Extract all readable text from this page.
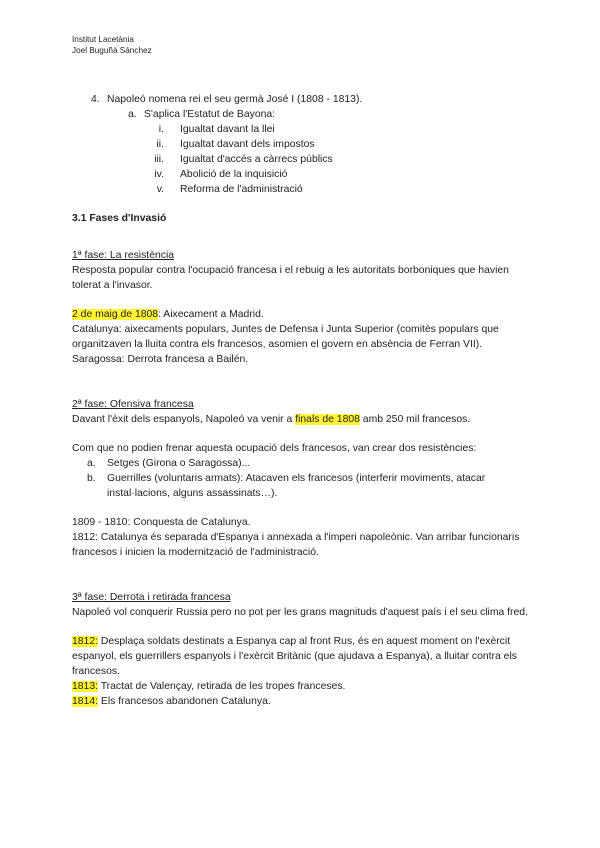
Institut Lacetània
Joel Buguñà Sánchez
4. Napoleó nomena rei el seu germà José I (1808 - 1813).
a. S'aplica l'Estatut de Bayona:
i.	Igualtat davant la llei
ii.	Igualtat davant dels impostos
iii.	Igualtat d'accés a càrrecs públics
iv.	Abolició de la inquisició
v.	Reforma de l'administració
3.1 Fases d'Invasió

1ª fase: La resistència

Resposta popular contra l'ocupació francesa i el rebuig a les autoritats borboniques que havien tolerat a l'invasor.

2 de maig de 1808: Aixecament a Madrid.

Catalunya: aixecaments populars, Juntes de Defensa i Junta Superior (comitès populars que organitzaven la lluita contra els francesos, asomien el govern en absència de Ferran VII).

Saragossa: Derrota francesa a Bailén.

2ª fase: Ofensiva francesa

Davant l'èxit dels espanyols, Napoleó va venir a finals de 1808 amb 250 mil francesos.

Com que no podien frenar aquesta ocupació dels francesos, van crear dos resistències:

a.	Setges (Girona o Saragossa)...
b.	Guerrilles (voluntaris armats): Atacaven els francesos (interferir moviments, atacar instal·lacions, alguns assassinats…).

1809 - 1810: Conquesta de Catalunya.

1812: Catalunya és separada d'Espanya i annexada a l'imperi napoleònic. Van arribar funcionaris francesos i inicien la modernització de l'administració.

3ª fase: Derrota i retirada francesa

Napoleó vol conquerir Russia pero no pot per les grans magnituds d'aquest país i el seu clima fred.

1812: Desplaça soldats destinats a Espanya cap al front Rus, és en aquest moment on l'exèrcit espanyol, els guerrillers espanyols i l'exèrcit Britànic (que ajudava a Espanya), a lluitar contra els francesos.

1813: Tractat de Valençay, retirada de les tropes franceses.

1814: Els francesos abandonen Catalunya.
